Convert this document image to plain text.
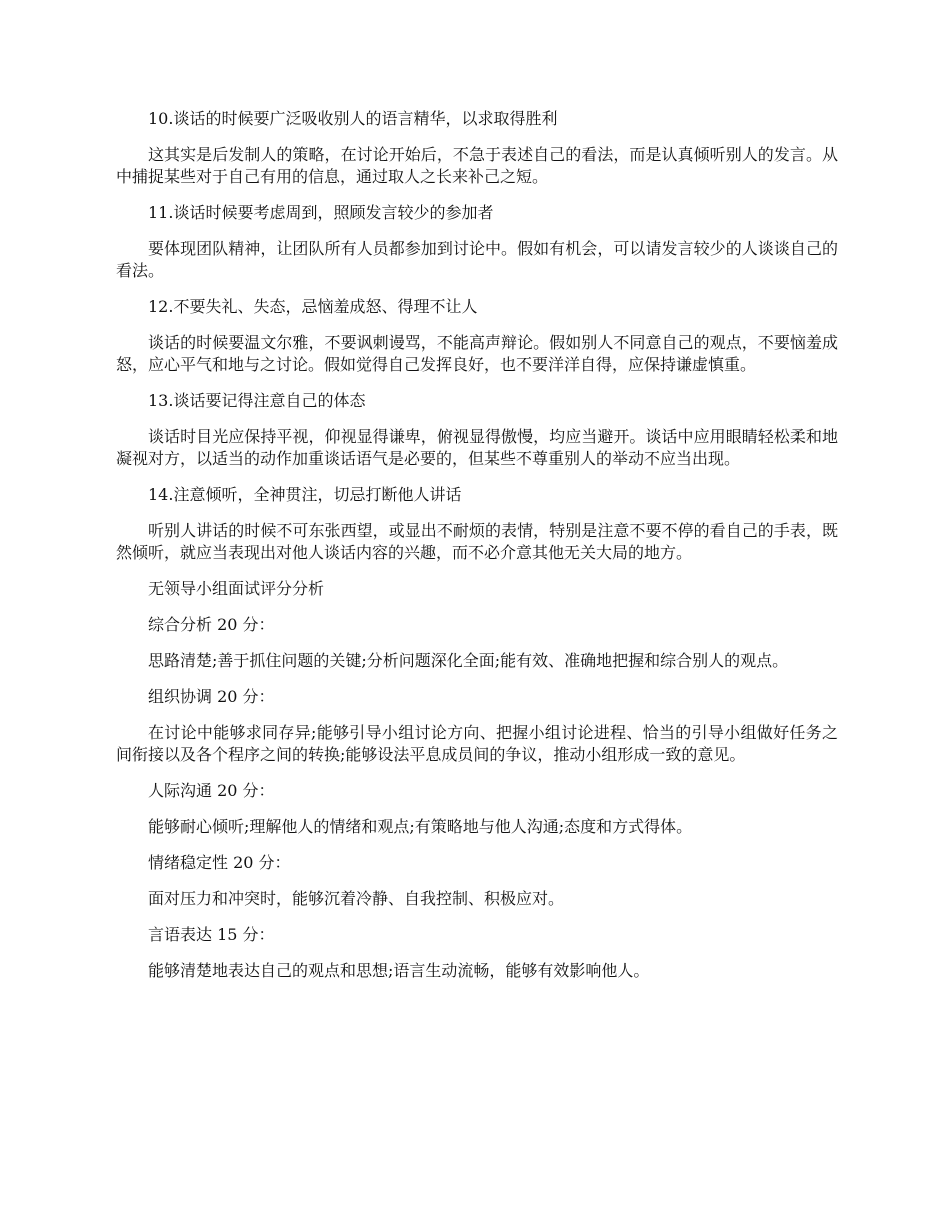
10.谈话的时候要广泛吸收别人的语言精华，以求取得胜利

这其实是后发制人的策略，在讨论开始后，不急于表述自己的看法，而是认真倾听别人的发言。从中捕捉某些对于自己有用的信息，通过取人之长来补己之短。

11.谈话时候要考虑周到，照顾发言较少的参加者

要体现团队精神，让团队所有人员都参加到讨论中。假如有机会，可以请发言较少的人谈谈自己的看法。

12.不要失礼、失态，忌恼羞成怒、得理不让人

谈话的时候要温文尔雅，不要讽刺谩骂，不能高声辩论。假如别人不同意自己的观点，不要恼羞成怒，应心平气和地与之讨论。假如觉得自己发挥良好，也不要洋洋自得，应保持谦虚慎重。

13.谈话要记得注意自己的体态

谈话时目光应保持平视，仰视显得谦卑，俯视显得傲慢，均应当避开。谈话中应用眼睛轻松柔和地凝视对方，以适当的动作加重谈话语气是必要的，但某些不尊重别人的举动不应当出现。

14.注意倾听，全神贯注，切忌打断他人讲话

听别人讲话的时候不可东张西望，或显出不耐烦的表情，特别是注意不要不停的看自己的手表，既然倾听，就应当表现出对他人谈话内容的兴趣，而不必介意其他无关大局的地方。

无领导小组面试评分分析

综合分析 20 分：

思路清楚;善于抓住问题的关键;分析问题深化全面;能有效、准确地把握和综合别人的观点。

组织协调 20 分：

在讨论中能够求同存异;能够引导小组讨论方向、把握小组讨论进程、恰当的引导小组做好任务之间衔接以及各个程序之间的转换;能够设法平息成员间的争议，推动小组形成一致的意见。

人际沟通 20 分：

能够耐心倾听;理解他人的情绪和观点;有策略地与他人沟通;态度和方式得体。

情绪稳定性 20 分：

面对压力和冲突时，能够沉着冷静、自我控制、积极应对。

言语表达 15 分：

能够清楚地表达自己的观点和思想;语言生动流畅，能够有效影响他人。
